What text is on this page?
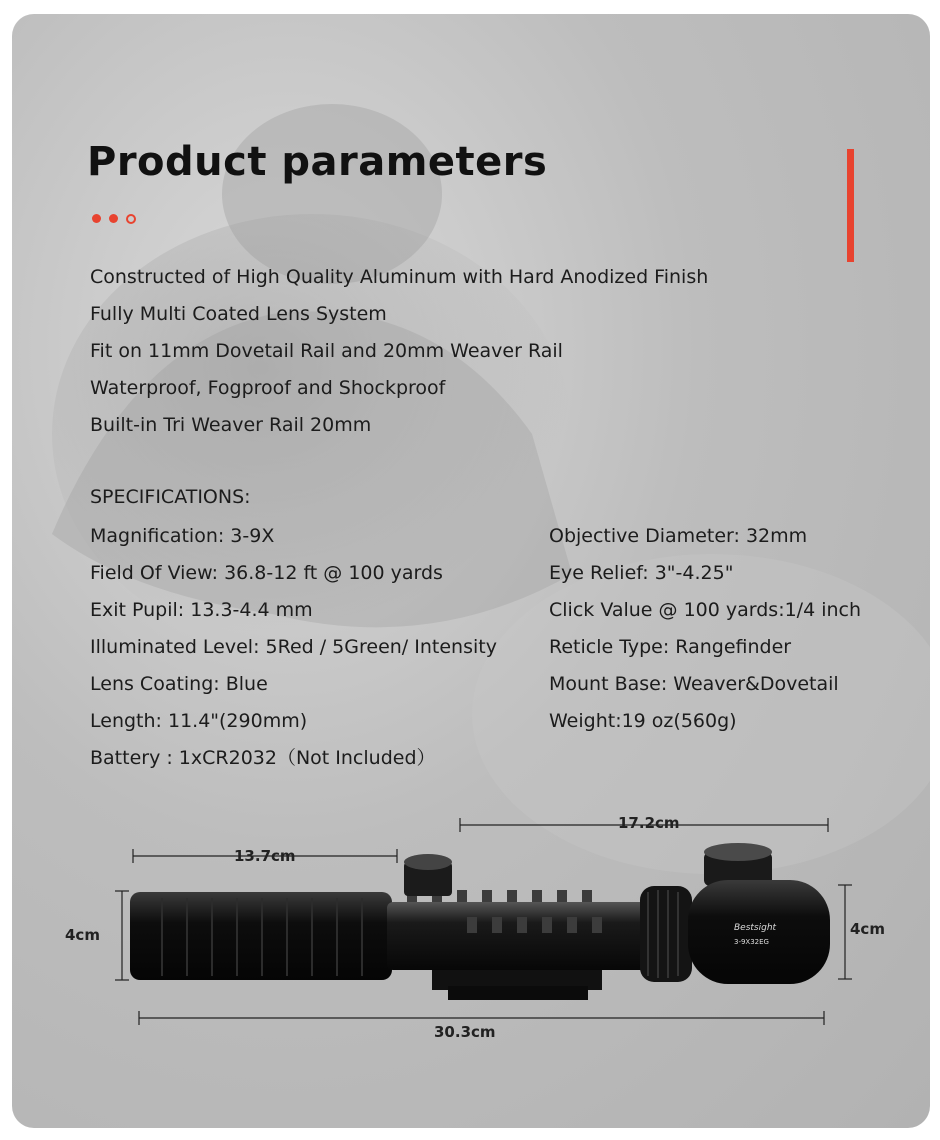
Bestsight
3-9X32EG
13.7cm
17.2cm
30.3cm
4cm	4cm
Product parameters
Constructed of High Quality Aluminum with Hard Anodized Finish
Fully Multi Coated Lens System
Fit on 11mm Dovetail Rail and 20mm Weaver Rail
Waterproof, Fogproof and Shockproof
Built-in Tri Weaver Rail 20mm
SPECIFICATIONS:
Magnification: 3-9X
Field Of View: 36.8-12 ft @ 100 yards
Exit Pupil: 13.3-4.4 mm
Illuminated Level: 5Red / 5Green/ Intensity
Lens Coating: Blue
Length: 11.4"(290mm)
Battery : 1xCR2032（Not Included）
Objective Diameter: 32mm
Eye Relief: 3"-4.25"
Click Value @ 100 yards:1/4 inch
Reticle Type: Rangefinder
Mount Base: Weaver&Dovetail
Weight:19 oz(560g)
